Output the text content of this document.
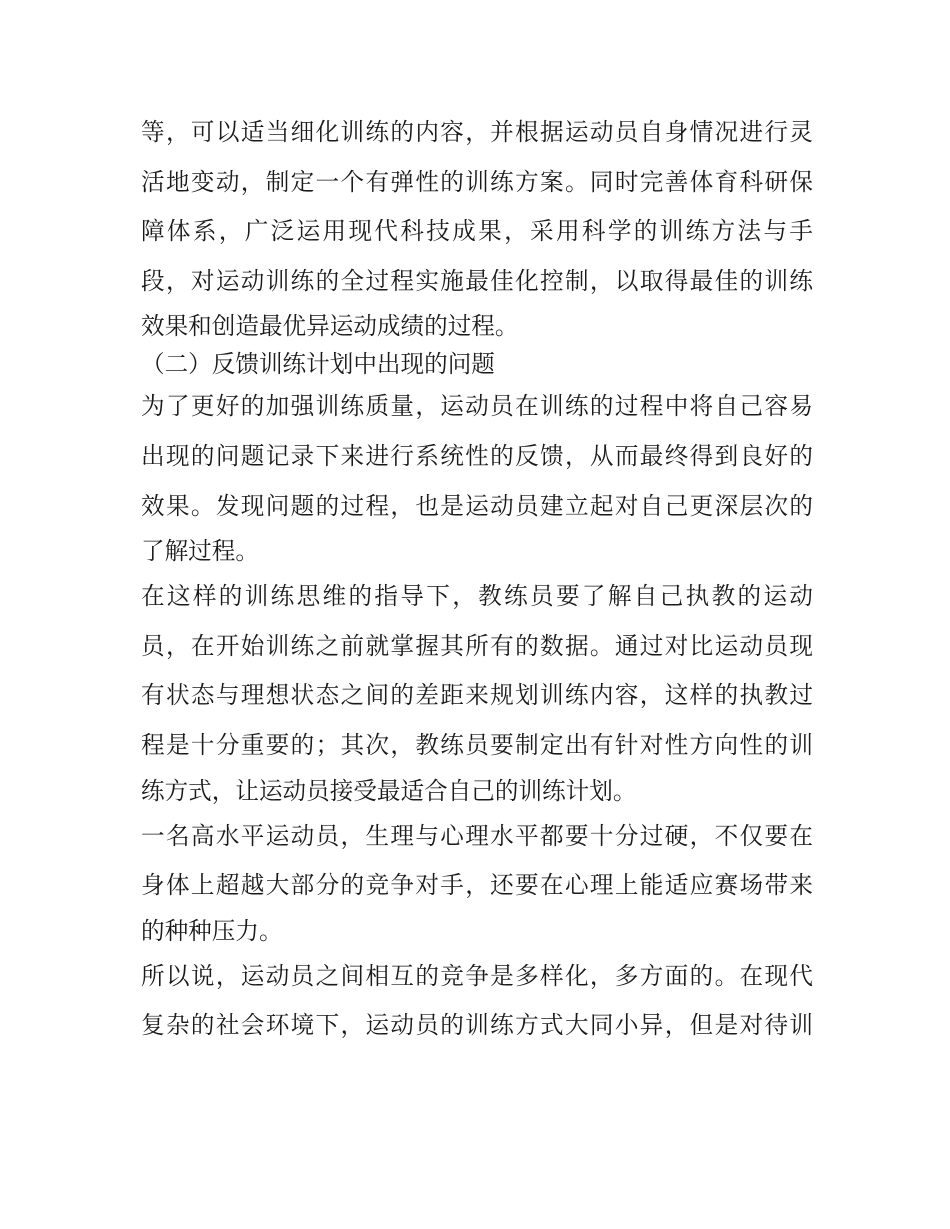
等，可以适当细化训练的内容，并根据运动员自身情况进行灵
活地变动，制定一个有弹性的训练方案。同时完善体育科研保
障体系，广泛运用现代科技成果，采用科学的训练方法与手
段，对运动训练的全过程实施最佳化控制，以取得最佳的训练
效果和创造最优异运动成绩的过程。
（二）反馈训练计划中出现的问题
为了更好的加强训练质量，运动员在训练的过程中将自己容易
出现的问题记录下来进行系统性的反馈，从而最终得到良好的
效果。发现问题的过程，也是运动员建立起对自己更深层次的
了解过程。
在这样的训练思维的指导下，教练员要了解自己执教的运动
员，在开始训练之前就掌握其所有的数据。通过对比运动员现
有状态与理想状态之间的差距来规划训练内容，这样的执教过
程是十分重要的；其次，教练员要制定出有针对性方向性的训
练方式，让运动员接受最适合自己的训练计划。
一名高水平运动员，生理与心理水平都要十分过硬，不仅要在
身体上超越大部分的竞争对手，还要在心理上能适应赛场带来
的种种压力。
所以说，运动员之间相互的竞争是多样化，多方面的。在现代
复杂的社会环境下，运动员的训练方式大同小异，但是对待训
